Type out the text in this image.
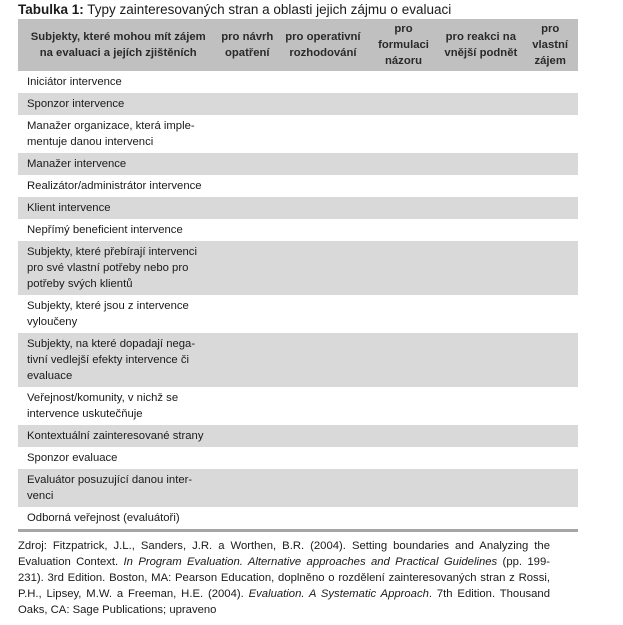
Tabulka 1: Typy zainteresovaných stran a oblasti jejich zájmu o evaluaci
Subjekty, které mohou mít zájem na evaluaci a jejích zjištěních	pro návrh opatření	pro operativní rozhodování	pro formulaci názoru	pro reakci na vnější podnět	pro vlastní zájem
Iniciátor intervence					
Sponzor intervence					
Manažer organizace, která imple-mentuje danou intervenci					
Manažer intervence					
Realizátor/administrátor intervence					
Klient intervence					
Nepřímý beneficient intervence					
Subjekty, které přebírají intervenci pro své vlastní potřeby nebo pro potřeby svých klientů					
Subjekty, které jsou z intervence vyloučeny					
Subjekty, na které dopadají nega-tivní vedlejší efekty intervence či evaluace					
Veřejnost/komunity, v nichž se intervence uskutečňuje					
Kontextuální zainteresované strany					
Sponzor evaluace					
Evaluátor posuzující danou inter-venci					
Odborná veřejnost (evaluátoři)					
Zdroj: Fitzpatrick, J.L., Sanders, J.R. a Worthen, B.R. (2004). Setting boundaries and Analyzing the Evaluation Context. In Program Evaluation. Alternative approaches and Practical Guidelines (pp. 199-231). 3rd Edition. Boston, MA: Pearson Education, doplněno o rozdělení zainteresovaných stran z Rossi, P.H., Lipsey, M.W. a Freeman, H.E. (2004). Evaluation. A Systematic Approach. 7th Edition. Thousand Oaks, CA: Sage Publications; upraveno
